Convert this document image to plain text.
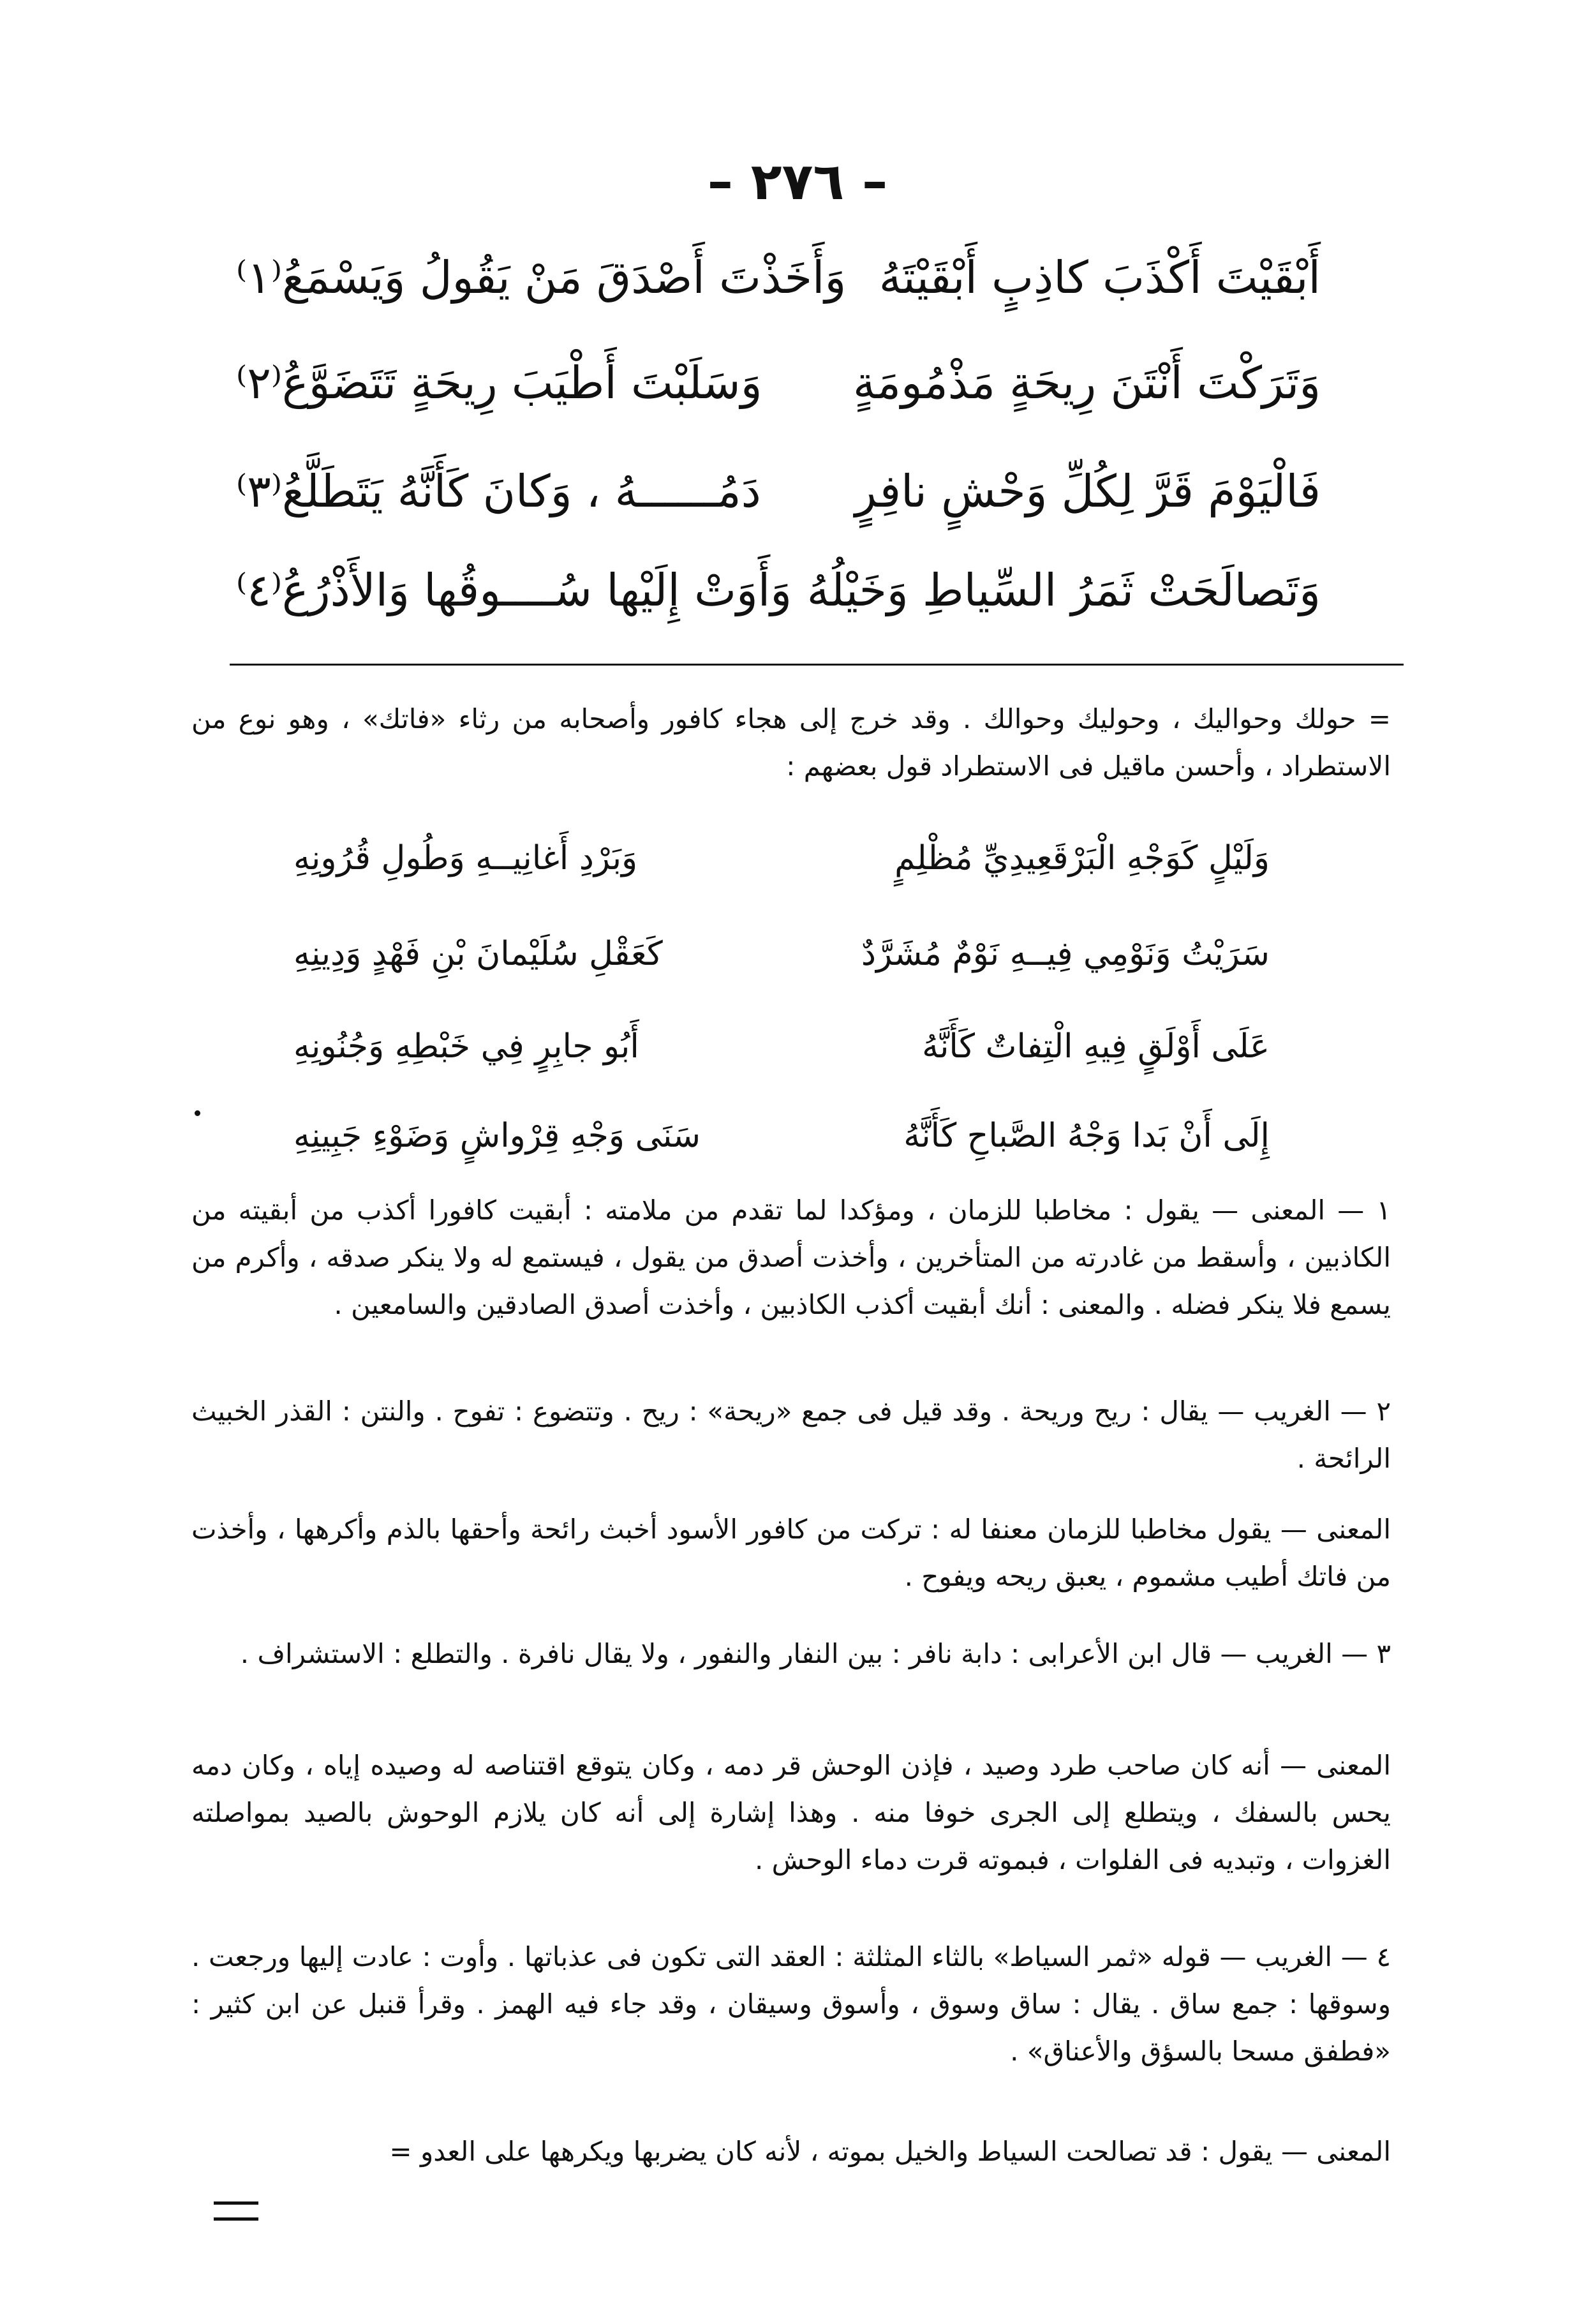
– ٢٧٦ –
أَبْقَيْتَ أَكْذَبَ كاذِبٍ أَبْقَيْتَهُ
وَأَخَذْتَ أَصْدَقَ مَنْ يَقُولُ وَيَسْمَعُ⁽١⁾
وَتَرَكْتَ أَنْتَنَ رِيحَةٍ مَذْمُومَةٍ
وَسَلَبْتَ أَطْيَبَ رِيحَةٍ تَتَضَوَّعُ⁽٢⁾
فَالْيَوْمَ قَرَّ لِكُلِّ وَحْشٍ نافِرٍ
دَمُــــــهُ ، وَكانَ كَأَنَّهُ يَتَطَلَّعُ⁽٣⁾
وَتَصالَحَتْ ثَمَرُ السِّياطِ وَخَيْلُهُ
وَأَوَتْ إِلَيْها سُــــوقُها وَالأَذْرُعُ⁽٤⁾
= حولك وحواليك ، وحوليك وحوالك . وقد خرج إلى هجاء كافور وأصحابه من رثاء «فاتك» ، وهو نوع من الاستطراد ، وأحسن ماقيل فى الاستطراد قول بعضهم :
وَلَيْلٍ كَوَجْهِ الْبَرْقَعِيدِيِّ مُظْلِمٍ
وَبَرْدِ أَغانِيــهِ وَطُولِ قُرُونِهِ
سَرَيْتُ وَنَوْمِي فِيــهِ نَوْمٌ مُشَرَّدٌ
كَعَقْلِ سُلَيْمانَ بْنِ فَهْدٍ وَدِينِهِ
عَلَى أَوْلَقٍ فِيهِ الْتِفاتٌ كَأَنَّهُ
أَبُو جابِرٍ فِي خَبْطِهِ وَجُنُونِهِ
إِلَى أَنْ بَدا وَجْهُ الصَّباحِ كَأَنَّهُ
سَنَى وَجْهِ قِرْواشٍ وَضَوْءِ جَبِينِهِ
١ — المعنى — يقول : مخاطبا للزمان ، ومؤكدا لما تقدم من ملامته : أبقيت كافورا أكذب من أبقيته من الكاذبين ، وأسقط من غادرته من المتأخرين ، وأخذت أصدق من يقول ، فيستمع له ولا ينكر صدقه ، وأكرم من يسمع فلا ينكر فضله . والمعنى : أنك أبقيت أكذب الكاذبين ، وأخذت أصدق الصادقين والسامعين .
٢ — الغريب — يقال : ريح وريحة . وقد قيل فى جمع «ريحة» : ريح . وتتضوع : تفوح . والنتن : القذر الخبيث الرائحة .
المعنى — يقول مخاطبا للزمان معنفا له : تركت من كافور الأسود أخبث رائحة وأحقها بالذم وأكرهها ، وأخذت من فاتك أطيب مشموم ، يعبق ريحه ويفوح .
٣ — الغريب — قال ابن الأعرابى : دابة نافر : بين النفار والنفور ، ولا يقال نافرة . والتطلع : الاستشراف .
المعنى — أنه كان صاحب طرد وصيد ، فإذن الوحش قر دمه ، وكان يتوقع اقتناصه له وصيده إياه ، وكان دمه يحس بالسفك ، ويتطلع إلى الجرى خوفا منه . وهذا إشارة إلى أنه كان يلازم الوحوش بالصيد بمواصلته الغزوات ، وتبديه فى الفلوات ، فبموته قرت دماء الوحش .
٤ — الغريب — قوله «ثمر السياط» بالثاء المثلثة : العقد التى تكون فى عذباتها . وأوت : عادت إليها ورجعت . وسوقها : جمع ساق . يقال : ساق وسوق ، وأسوق وسيقان ، وقد جاء فيه الهمز . وقرأ قنبل عن ابن كثير : «فطفق مسحا بالسؤق والأعناق» .
المعنى — يقول : قد تصالحت السياط والخيل بموته ، لأنه كان يضربها ويكرهها على العدو =
